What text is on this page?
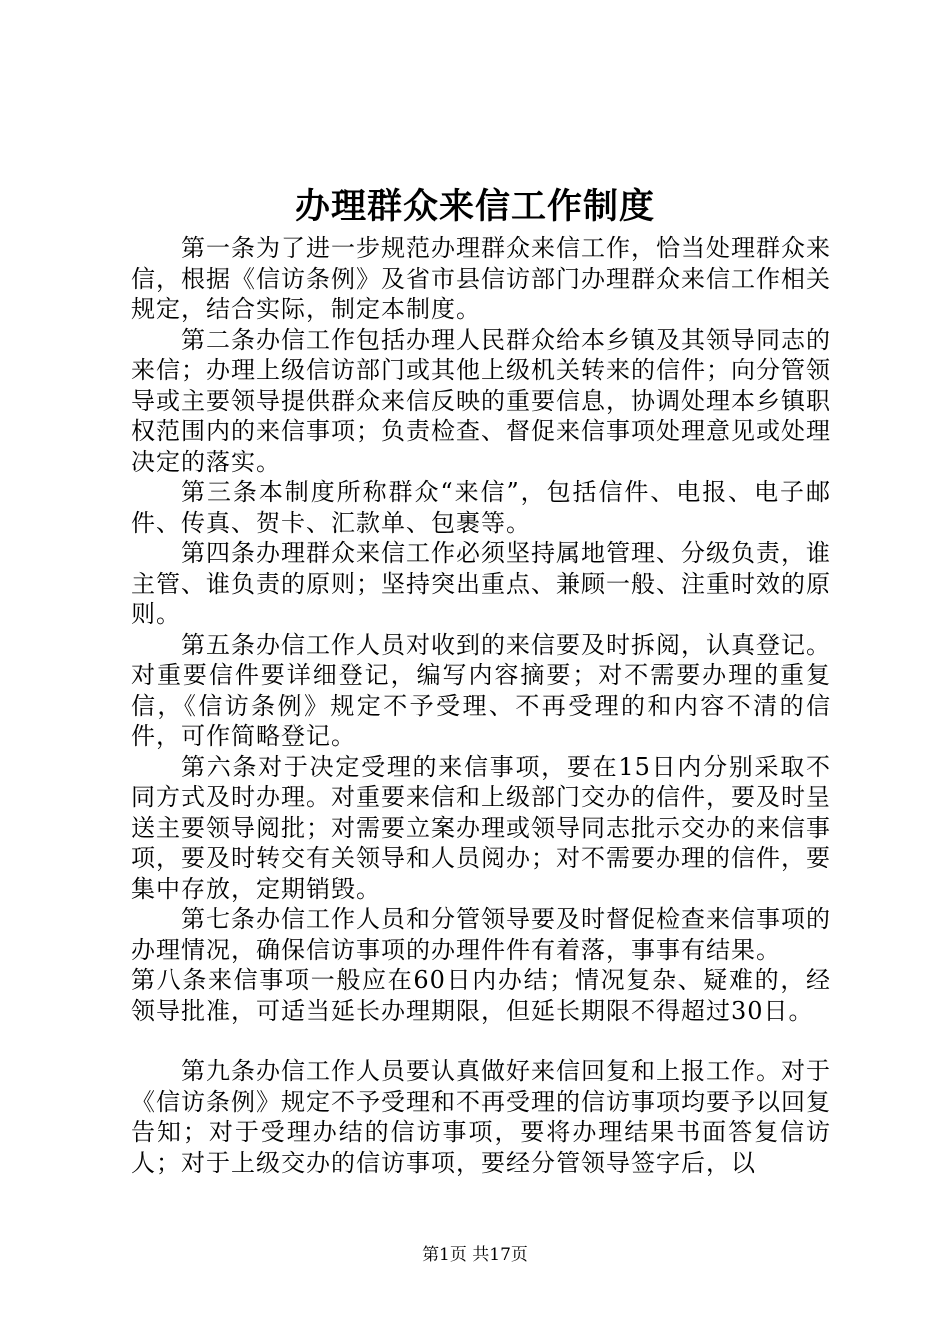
办理群众来信工作制度

第一条为了进一步规范办理群众来信工作，恰当处理群众来信，根据《信访条例》及省市县信访部门办理群众来信工作相关规定，结合实际，制定本制度。

第二条办信工作包括办理人民群众给本乡镇及其领导同志的来信；办理上级信访部门或其他上级机关转来的信件；向分管领导或主要领导提供群众来信反映的重要信息，协调处理本乡镇职权范围内的来信事项；负责检查、督促来信事项处理意见或处理决定的落实。

第三条本制度所称群众“来信”，包括信件、电报、电子邮件、传真、贺卡、汇款单、包裹等。

第四条办理群众来信工作必须坚持属地管理、分级负责，谁主管、谁负责的原则；坚持突出重点、兼顾一般、注重时效的原则。

第五条办信工作人员对收到的来信要及时拆阅，认真登记。对重要信件要详细登记，编写内容摘要；对不需要办理的重复信，《信访条例》规定不予受理、不再受理的和内容不清的信件，可作简略登记。

第六条对于决定受理的来信事项，要在15日内分别采取不同方式及时办理。对重要来信和上级部门交办的信件，要及时呈送主要领导阅批；对需要立案办理或领导同志批示交办的来信事项，要及时转交有关领导和人员阅办；对不需要办理的信件，要集中存放，定期销毁。

第七条办信工作人员和分管领导要及时督促检查来信事项的办理情况，确保信访事项的办理件件有着落，事事有结果。

第八条来信事项一般应在60日内办结；情况复杂、疑难的，经领导批准，可适当延长办理期限，但延长期限不得超过30日。

第九条办信工作人员要认真做好来信回复和上报工作。对于《信访条例》规定不予受理和不再受理的信访事项均要予以回复告知；对于受理办结的信访事项，要将办理结果书面答复信访人；对于上级交办的信访事项，要经分管领导签字后，以

第1页 共17页
